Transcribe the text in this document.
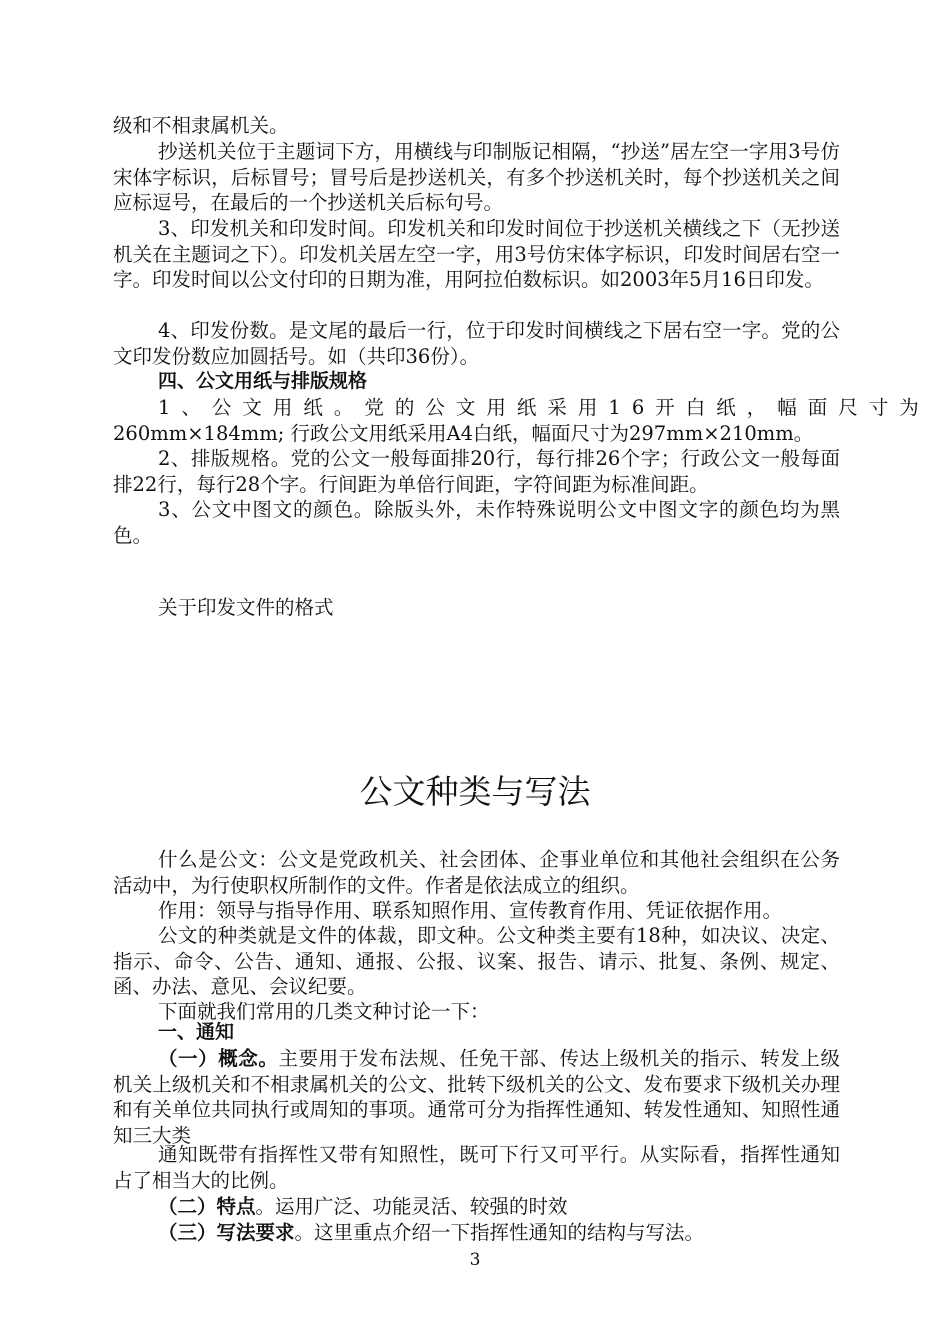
级和不相隶属机关。

抄送机关位于主题词下方，用横线与印制版记相隔，“抄送”居左空一字用3号仿宋体字标识，后标冒号；冒号后是抄送机关，有多个抄送机关时，每个抄送机关之间应标逗号，在最后的一个抄送机关后标句号。

3、印发机关和印发时间。印发机关和印发时间位于抄送机关横线之下（无抄送机关在主题词之下）。印发机关居左空一字，用3号仿宋体字标识，印发时间居右空一字。印发时间以公文付印的日期为准，用阿拉伯数标识。如2003年5月16日印发。

4、印发份数。是文尾的最后一行，位于印发时间横线之下居右空一字。党的公文印发份数应加圆括号。如（共印36份）。

四、公文用纸与排版规格

1、公文用纸。党的公文用纸采用16开白纸，幅面尺寸为

260mm×184mm; 行政公文用纸采用A4白纸，幅面尺寸为297mm×210mm。

2、排版规格。党的公文一般每面排20行，每行排26个字；行政公文一般每面排22行，每行28个字。行间距为单倍行间距，字符间距为标准间距。

3、公文中图文的颜色。除版头外，未作特殊说明公文中图文字的颜色均为黑色。

关于印发文件的格式

公文种类与写法

什么是公文：公文是党政机关、社会团体、企事业单位和其他社会组织在公务活动中，为行使职权所制作的文件。作者是依法成立的组织。

作用：领导与指导作用、联系知照作用、宣传教育作用、凭证依据作用。

公文的种类就是文件的体裁，即文种。公文种类主要有18种，如决议、决定、指示、命令、公告、通知、通报、公报、议案、报告、请示、批复、条例、规定、函、办法、意见、会议纪要。

下面就我们常用的几类文种讨论一下：

一、通知

（一）概念。主要用于发布法规、任免干部、传达上级机关的指示、转发上级机关上级机关和不相隶属机关的公文、批转下级机关的公文、发布要求下级机关办理和有关单位共同执行或周知的事项。通常可分为指挥性通知、转发性通知、知照性通知三大类

通知既带有指挥性又带有知照性，既可下行又可平行。从实际看，指挥性通知占了相当大的比例。

（二）特点。运用广泛、功能灵活、较强的时效

（三）写法要求。这里重点介绍一下指挥性通知的结构与写法。

3
